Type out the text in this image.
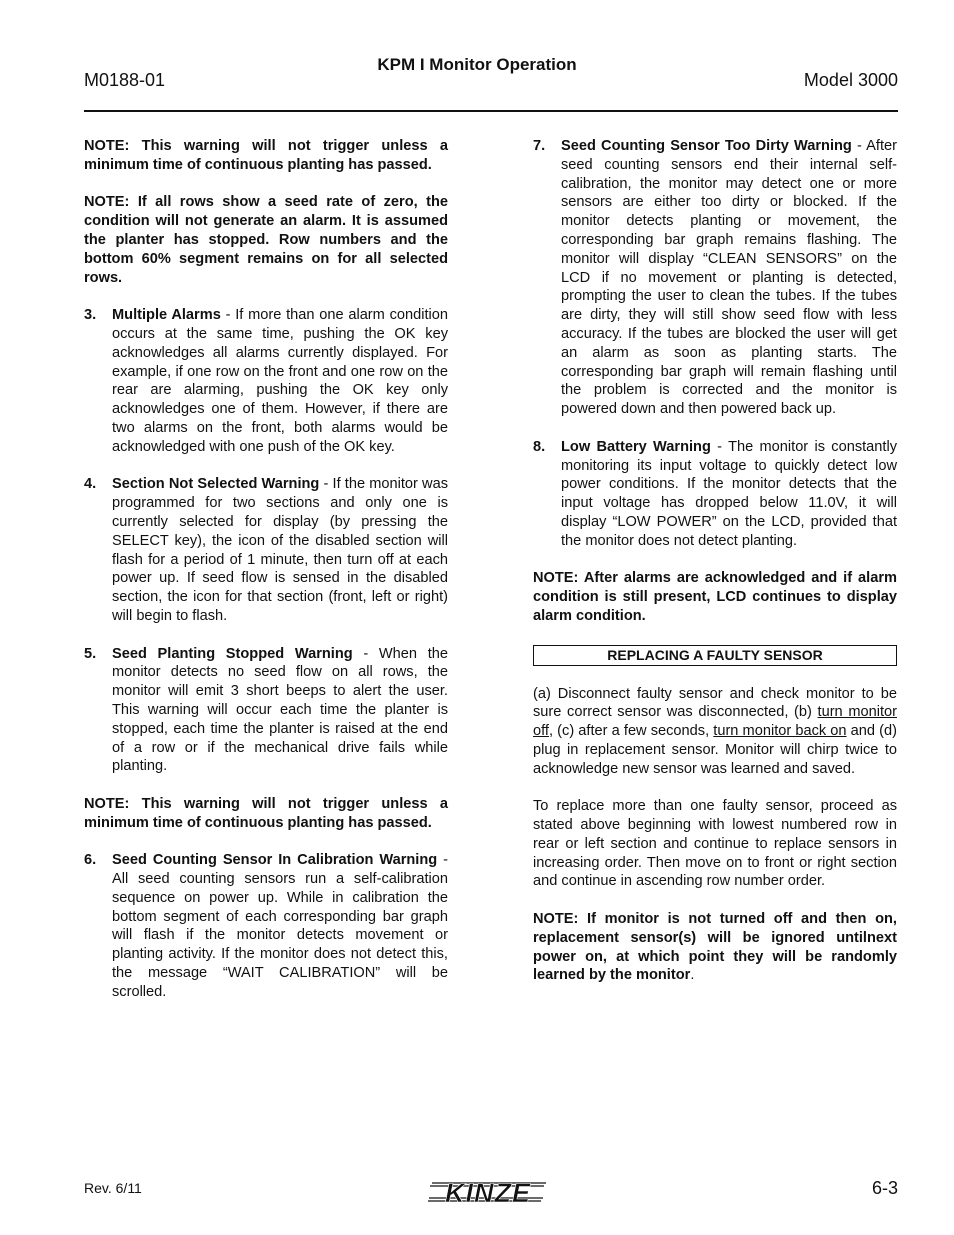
M0188-01
KPM I Monitor Operation
Model 3000

NOTE: This warning will not trigger unless a minimum time of continuous planting has passed.

NOTE: If all rows show a seed rate of zero, the condition will not generate an alarm. It is assumed the planter has stopped. Row numbers and the bottom 60% segment remains on for all selected rows.

3. Multiple Alarms - If more than one alarm condition occurs at the same time, pushing the OK key acknowledges all alarms currently displayed. For example, if one row on the front and one row on the rear are alarming, pushing the OK key only acknowledges one of them. However, if there are two alarms on the front, both alarms would be acknowledged with one push of the OK key.
4. Section Not Selected Warning - If the monitor was programmed for two sections and only one is currently selected for display (by pressing the SELECT key), the icon of the disabled section will flash for a period of 1 minute, then turn off at each power up. If seed flow is sensed in the disabled section, the icon for that section (front, left or right) will begin to flash.
5. Seed Planting Stopped Warning - When the monitor detects no seed flow on all rows, the monitor will emit 3 short beeps to alert the user. This warning will occur each time the planter is stopped, each time the planter is raised at the end of a row or if the mechanical drive fails while planting.

NOTE: This warning will not trigger unless a minimum time of continuous planting has passed.

6. Seed Counting Sensor In Calibration Warning - All seed counting sensors run a self-calibration sequence on power up. While in calibration the bottom segment of each corresponding bar graph will flash if the monitor detects movement or planting activity. If the monitor does not detect this, the message “WAIT CALIBRATION” will be scrolled.
7. Seed Counting Sensor Too Dirty Warning - After seed counting sensors end their internal self-calibration, the monitor may detect one or more sensors are either too dirty or blocked. If the monitor detects planting or movement, the corresponding bar graph remains flashing. The monitor will display “CLEAN SENSORS” on the LCD if no movement or planting is detected, prompting the user to clean the tubes. If the tubes are dirty, they will still show seed flow with less accuracy. If the tubes are blocked the user will get an alarm as soon as planting starts. The corresponding bar graph will remain flashing until the problem is corrected and the monitor is powered down and then powered back up.
8. Low Battery Warning - The monitor is constantly monitoring its input voltage to quickly detect low power conditions. If the monitor detects that the input voltage has dropped below 11.0V, it will display “LOW POWER” on the LCD, provided that the monitor does not detect planting.

NOTE: After alarms are acknowledged and if alarm condition is still present, LCD continues to display alarm condition.

REPLACING A FAULTY SENSOR

(a) Disconnect faulty sensor and check monitor to be sure correct sensor was disconnected, (b) turn monitor off, (c) after a few seconds, turn monitor back on and (d) plug in replacement sensor. Monitor will chirp twice to acknowledge new sensor was learned and saved.

To replace more than one faulty sensor, proceed as stated above beginning with lowest numbered row in rear or left section and continue to replace sensors in increasing order. Then move on to front or right section and continue in ascending row number order.

NOTE: If monitor is not turned off and then on, replacement sensor(s) will be ignored untilnext power on, at which point they will be randomly learned by the monitor.

Rev. 6/11	KINZE	6-3
